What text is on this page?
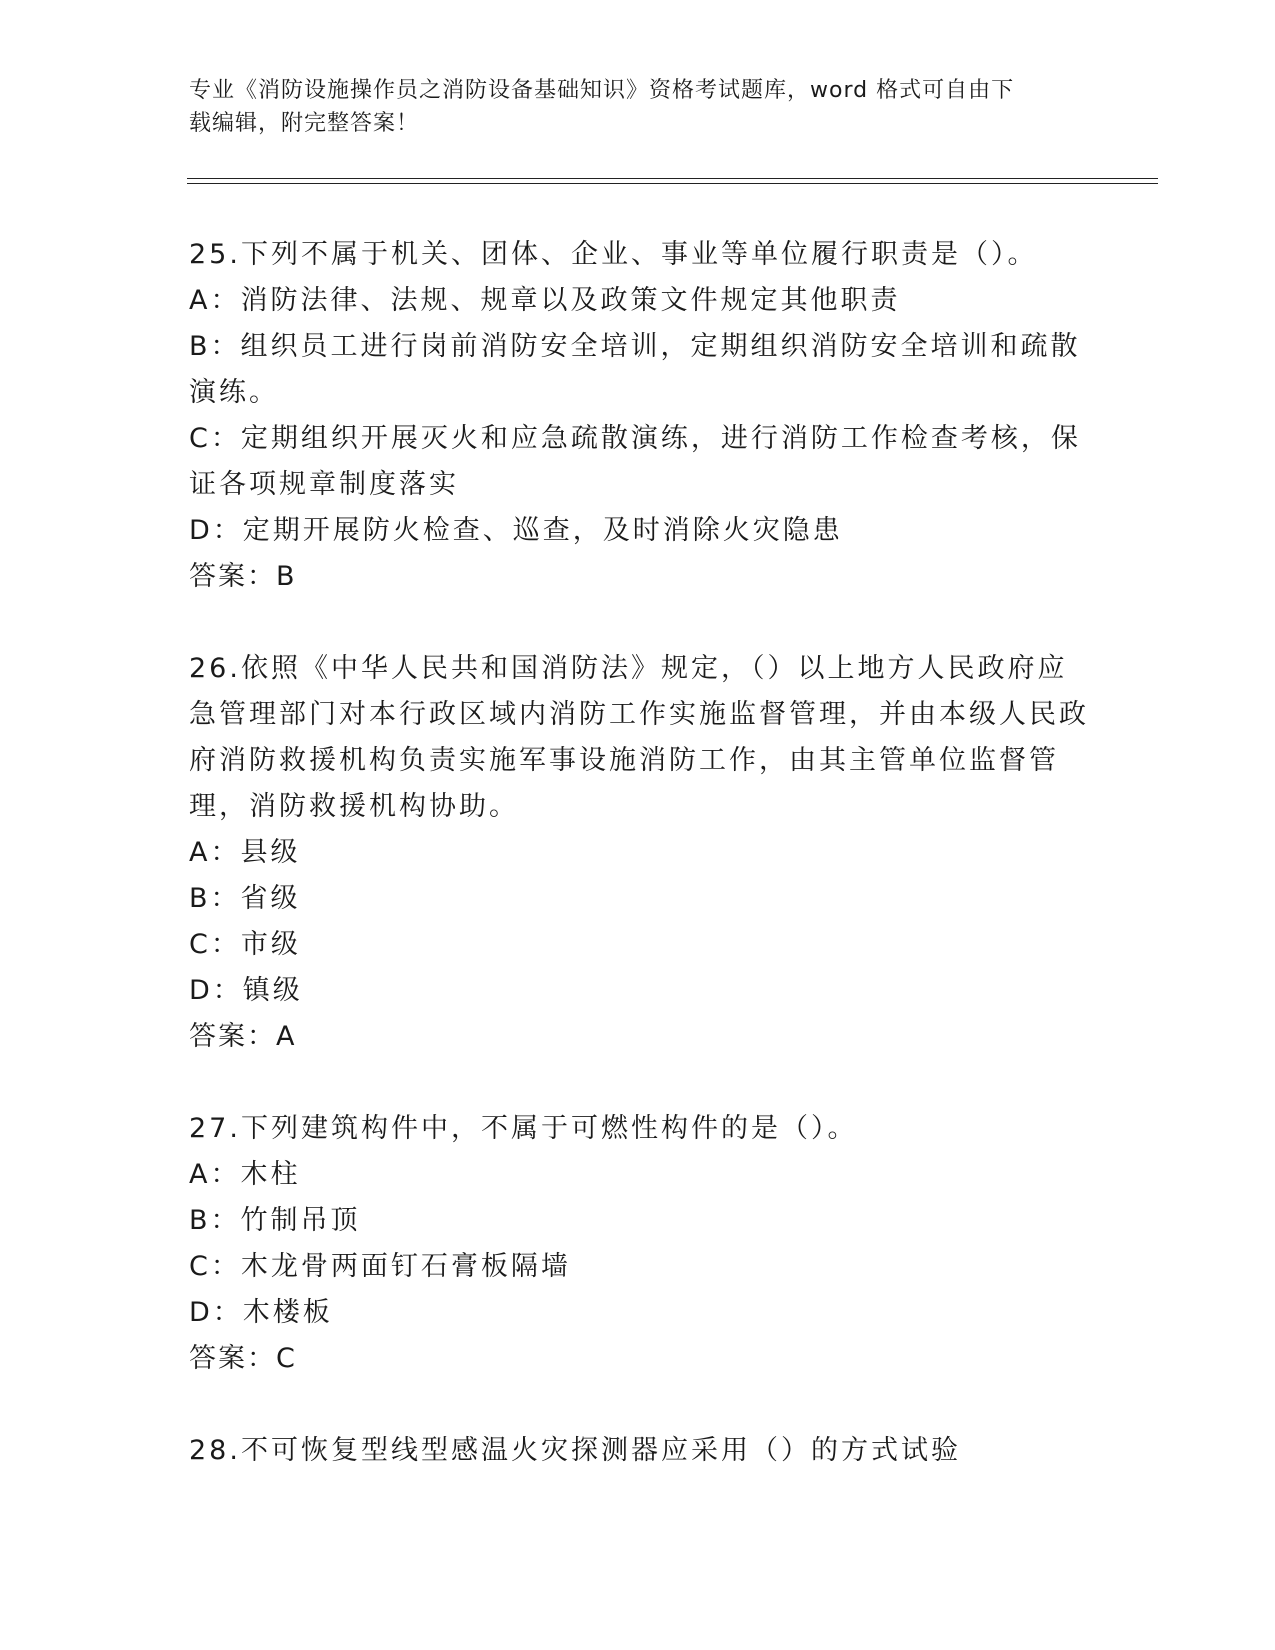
专业《消防设施操作员之消防设备基础知识》资格考试题库，word 格式可自由下
载编辑，附完整答案！
25.下列不属于机关、团体、企业、事业等单位履行职责是（）。
A：消防法律、法规、规章以及政策文件规定其他职责
B：组织员工进行岗前消防安全培训，定期组织消防安全培训和疏散演练。
C：定期组织开展灭火和应急疏散演练，进行消防工作检查考核，保证各项规章制度落实
D：定期开展防火检查、巡查，及时消除火灾隐患
答案：B
26.依照《中华人民共和国消防法》规定，（）以上地方人民政府应急管理部门对本行政区域内消防工作实施监督管理，并由本级人民政府消防救援机构负责实施军事设施消防工作，由其主管单位监督管理，消防救援机构协助。
A：县级
B：省级
C：市级
D：镇级
答案：A
27.下列建筑构件中，不属于可燃性构件的是（）。
A：木柱
B：竹制吊顶
C：木龙骨两面钉石膏板隔墙
D：木楼板
答案：C
28.不可恢复型线型感温火灾探测器应采用（）的方式试验
